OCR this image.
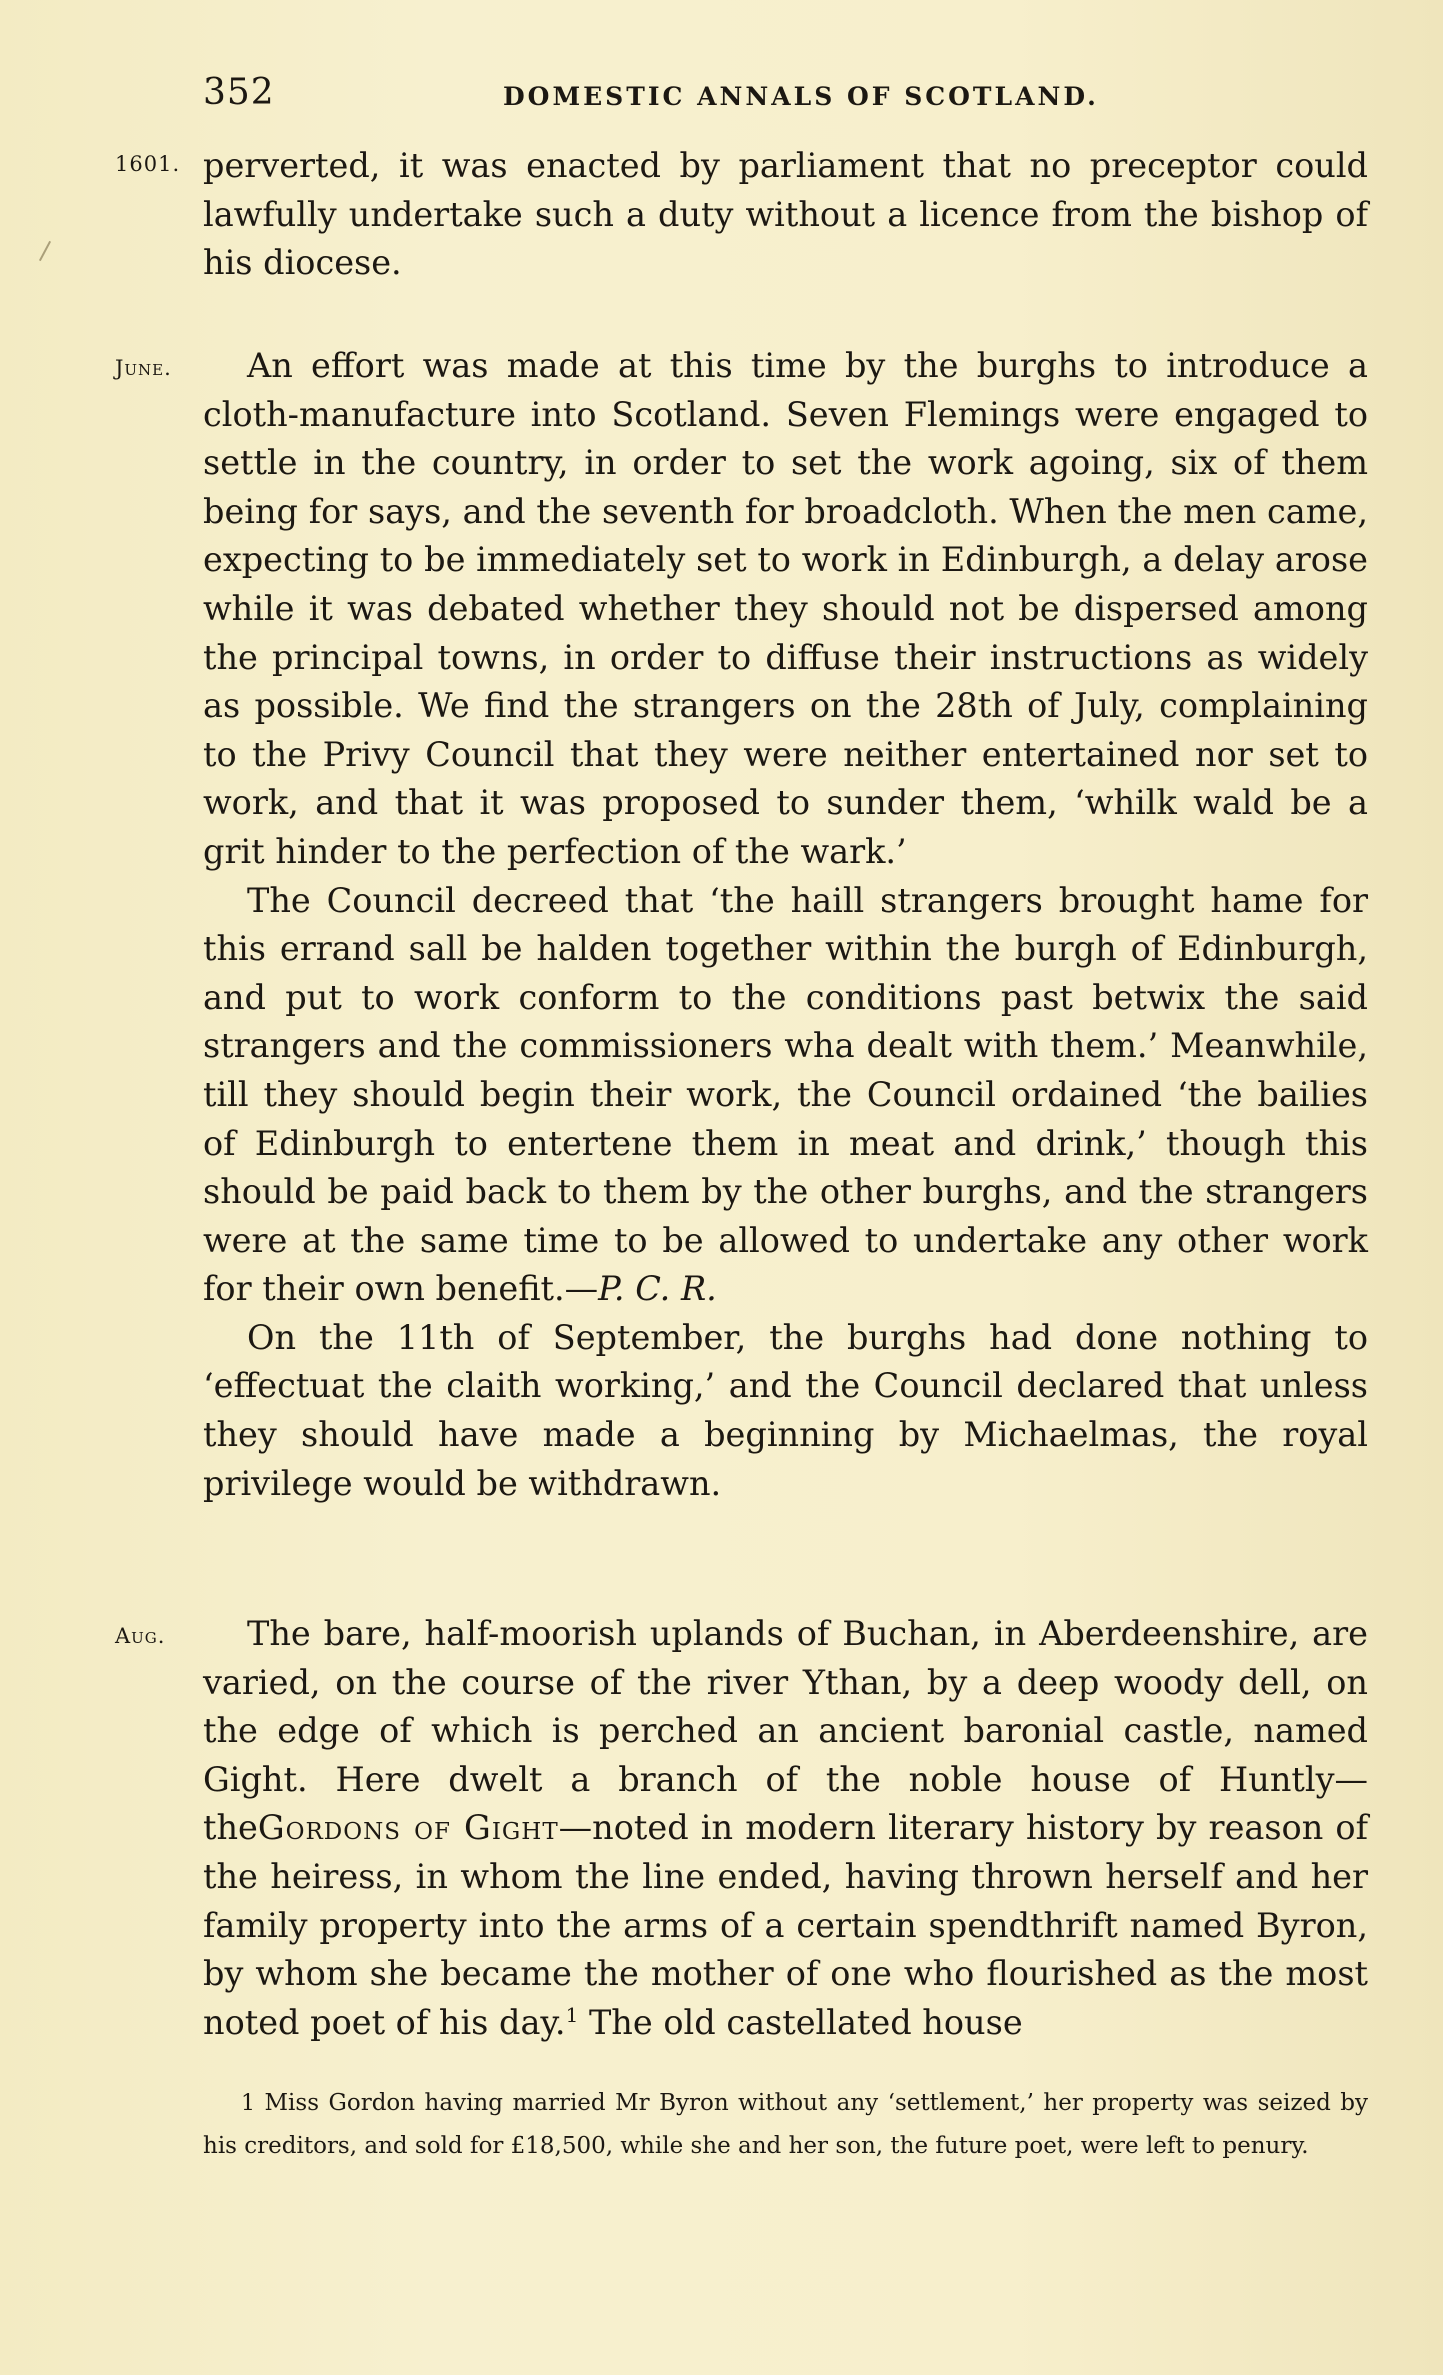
352	DOMESTIC ANNALS OF SCOTLAND.
1601.
June.
Aug.

perverted, it was enacted by parliament that no preceptor could lawfully undertake such a duty without a licence from the bishop of his diocese.

An effort was made at this time by the burghs to introduce a cloth-manufacture into Scotland. Seven Flemings were engaged to settle in the country, in order to set the work agoing, six of them being for says, and the seventh for broadcloth. When the men came, expecting to be immediately set to work in Edinburgh, a delay arose while it was debated whether they should not be dispersed among the principal towns, in order to diffuse their instructions as widely as possible. We find the strangers on the 28th of July, complaining to the Privy Council that they were neither entertained nor set to work, and that it was proposed to sunder them, ‘whilk wald be a grit hinder to the perfection of the wark.’

The Council decreed that ‘the haill strangers brought hame for this errand sall be halden together within the burgh of Edinburgh, and put to work conform to the conditions past betwix the said strangers and the commissioners wha dealt with them.’ Meanwhile, till they should begin their work, the Council ordained ‘the bailies of Edinburgh to entertene them in meat and drink,’ though this should be paid back to them by the other burghs, and the strangers were at the same time to be allowed to undertake any other work for their own benefit.—P. C. R.

On the 11th of September, the burghs had done nothing to ‘effectuat the claith working,’ and the Council declared that unless they should have made a beginning by Michaelmas, the royal privilege would be withdrawn.

The bare, half-moorish uplands of Buchan, in Aberdeenshire, are varied, on the course of the river Ythan, by a deep woody dell, on the edge of which is perched an ancient baronial castle, named Gight. Here dwelt a branch of the noble house of Huntly—theGordons of Gight—noted in modern literary history by reason of the heiress, in whom the line ended, having thrown herself and her family property into the arms of a certain spendthrift named Byron, by whom she became the mother of one who flourished as the most noted poet of his day.$^1$ The old castellated house

1 Miss Gordon having married Mr Byron without any ‘settlement,’ her property was seized by his creditors, and sold for £18,500, while she and her son, the future poet, were left to penury.
